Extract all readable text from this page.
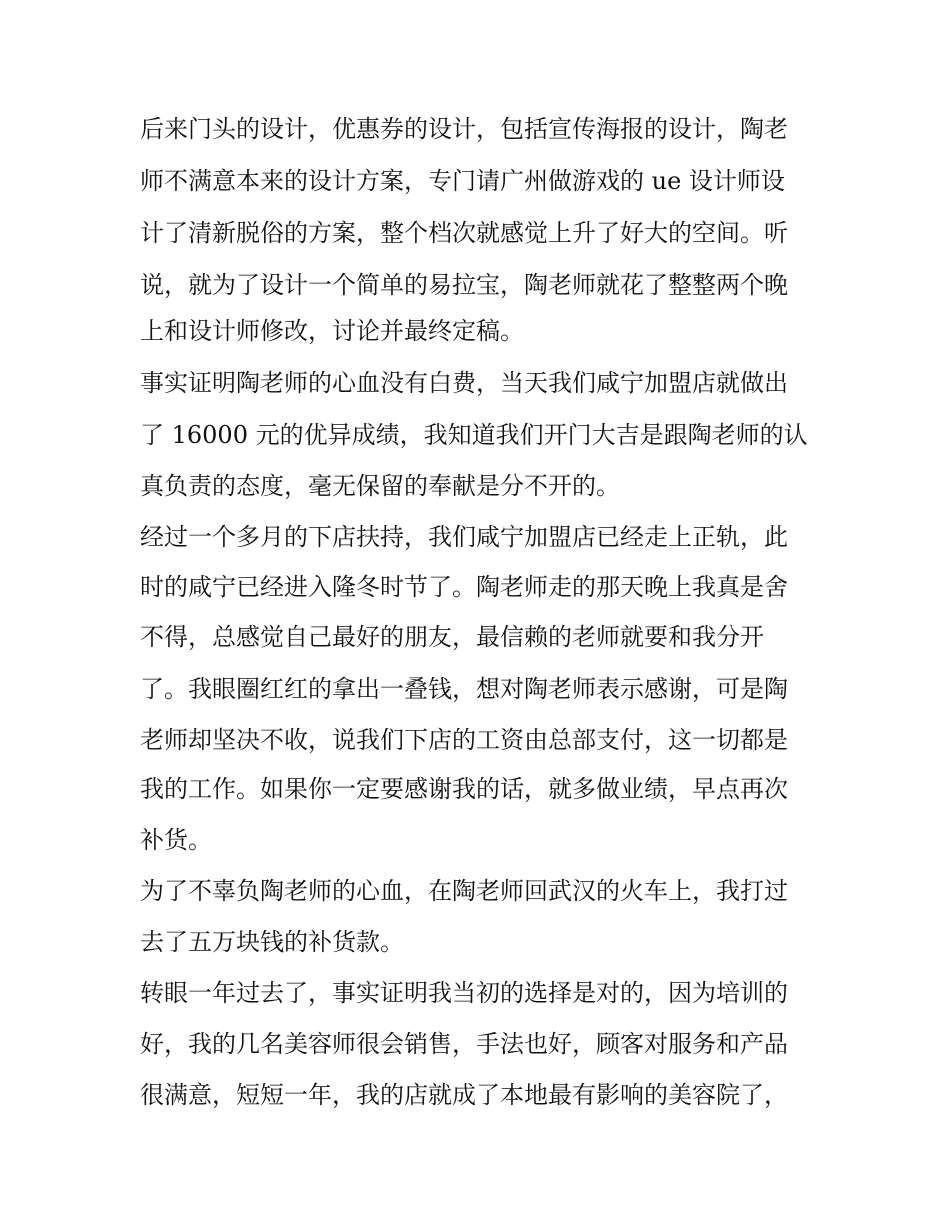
后来门头的设计，优惠券的设计，包括宣传海报的设计，陶老
师不满意本来的设计方案，专门请广州做游戏的 ue 设计师设
计了清新脱俗的方案，整个档次就感觉上升了好大的空间。听
说，就为了设计一个简单的易拉宝，陶老师就花了整整两个晚
上和设计师修改，讨论并最终定稿。
事实证明陶老师的心血没有白费，当天我们咸宁加盟店就做出
了 16000 元的优异成绩，我知道我们开门大吉是跟陶老师的认
真负责的态度，毫无保留的奉献是分不开的。
经过一个多月的下店扶持，我们咸宁加盟店已经走上正轨，此
时的咸宁已经进入隆冬时节了。陶老师走的那天晚上我真是舍
不得，总感觉自己最好的朋友，最信赖的老师就要和我分开
了。我眼圈红红的拿出一叠钱，想对陶老师表示感谢，可是陶
老师却坚决不收，说我们下店的工资由总部支付，这一切都是
我的工作。如果你一定要感谢我的话，就多做业绩，早点再次
补货。
为了不辜负陶老师的心血，在陶老师回武汉的火车上，我打过
去了五万块钱的补货款。
转眼一年过去了，事实证明我当初的选择是对的，因为培训的
好，我的几名美容师很会销售，手法也好，顾客对服务和产品
很满意，短短一年，我的店就成了本地最有影响的美容院了，
